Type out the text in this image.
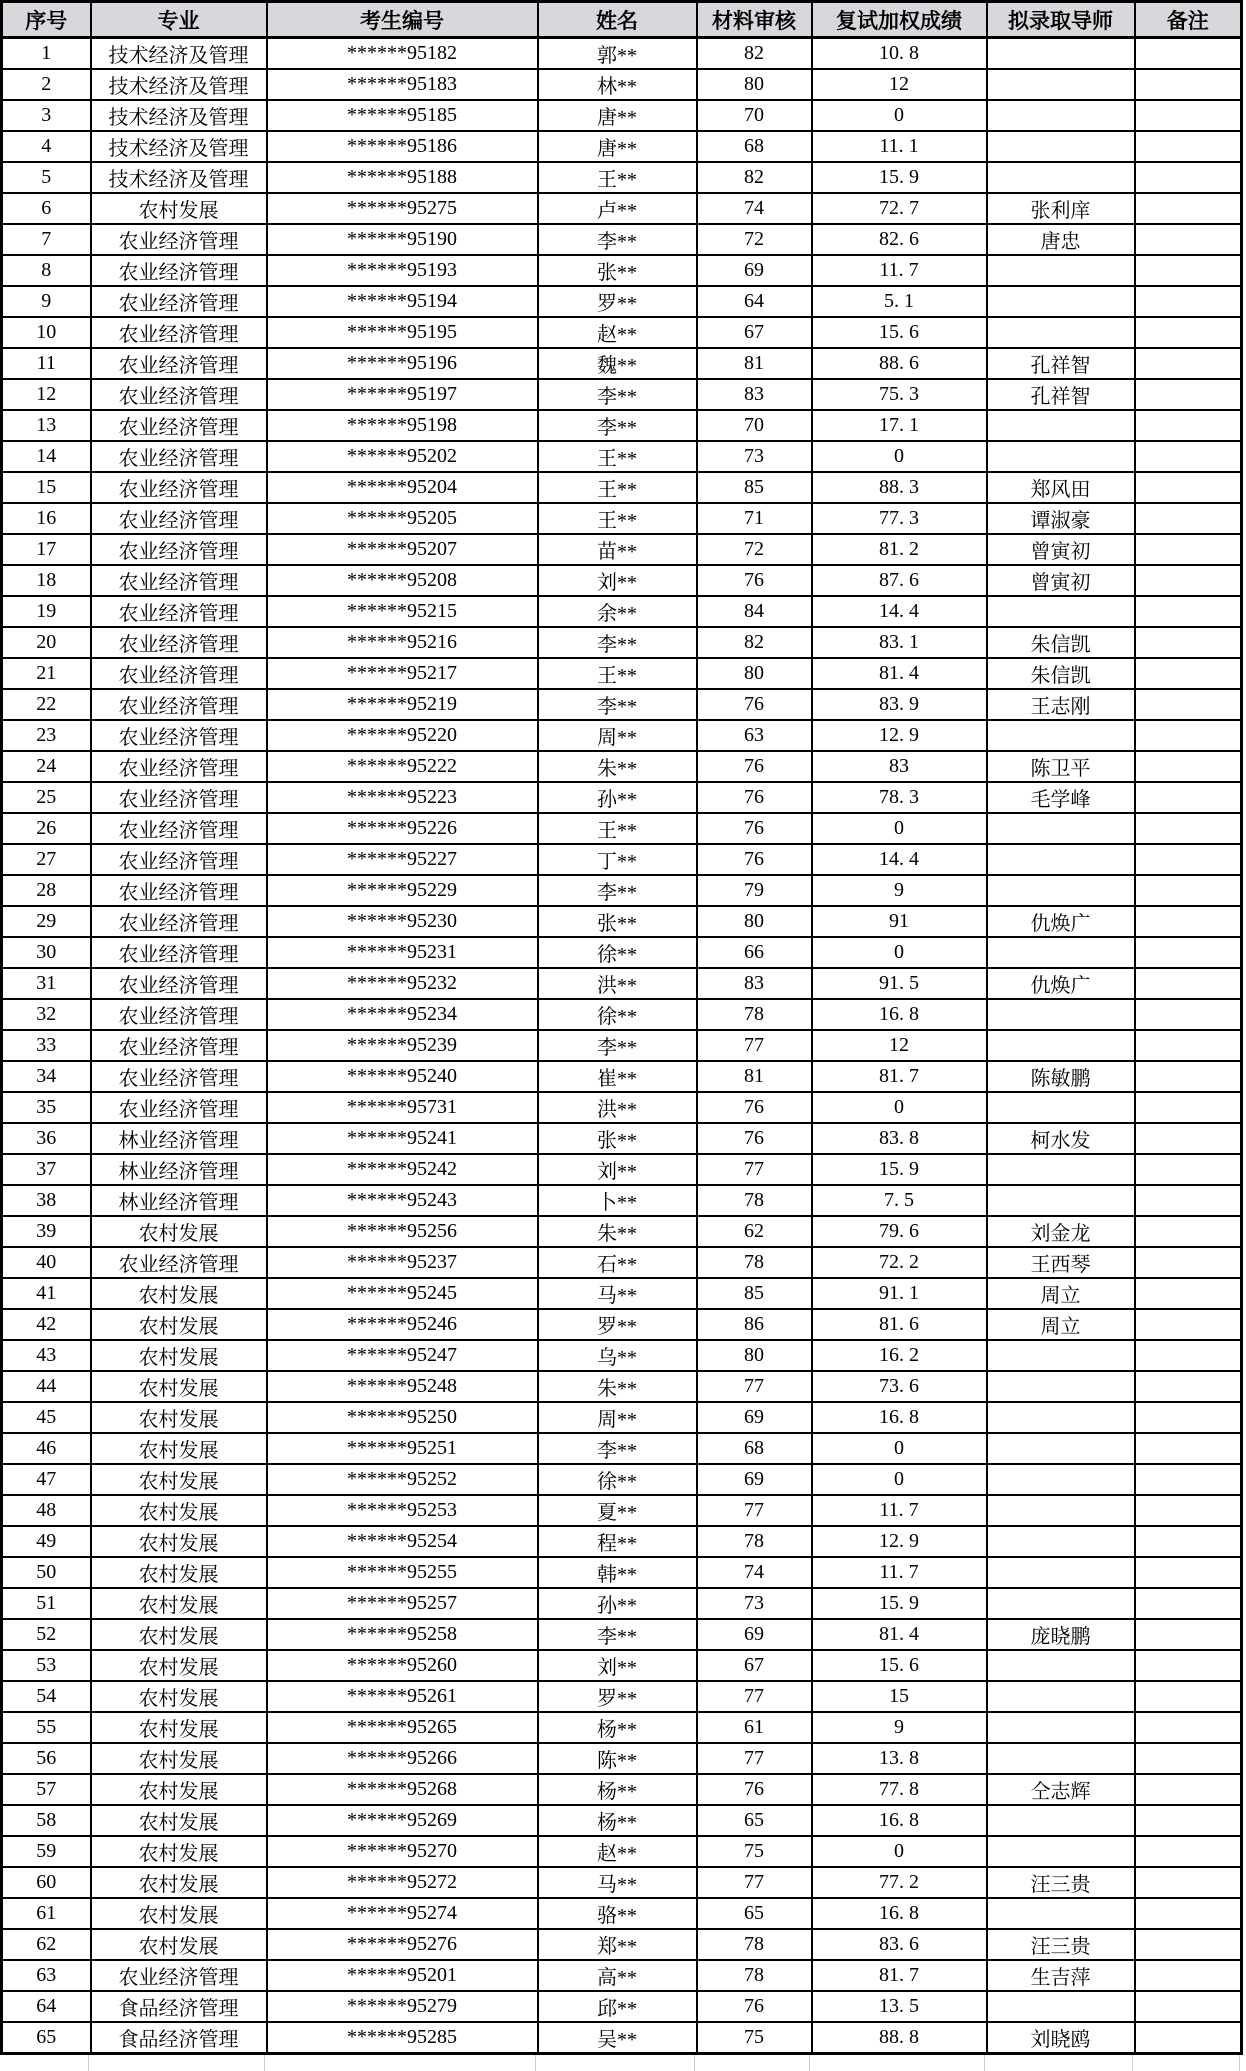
序号	专业	考生编号	姓名	材料审核	复试加权成绩	拟录取导师	备注
1	技术经济及管理	******95182	郭**	82	10. 8		
2	技术经济及管理	******95183	林**	80	12		
3	技术经济及管理	******95185	唐**	70	0		
4	技术经济及管理	******95186	唐**	68	11. 1		
5	技术经济及管理	******95188	王**	82	15. 9		
6	农村发展	******95275	卢**	74	72. 7	张利庠	
7	农业经济管理	******95190	李**	72	82. 6	唐忠	
8	农业经济管理	******95193	张**	69	11. 7		
9	农业经济管理	******95194	罗**	64	5. 1		
10	农业经济管理	******95195	赵**	67	15. 6		
11	农业经济管理	******95196	魏**	81	88. 6	孔祥智	
12	农业经济管理	******95197	李**	83	75. 3	孔祥智	
13	农业经济管理	******95198	李**	70	17. 1		
14	农业经济管理	******95202	王**	73	0		
15	农业经济管理	******95204	王**	85	88. 3	郑风田	
16	农业经济管理	******95205	王**	71	77. 3	谭淑豪	
17	农业经济管理	******95207	苗**	72	81. 2	曾寅初	
18	农业经济管理	******95208	刘**	76	87. 6	曾寅初	
19	农业经济管理	******95215	余**	84	14. 4		
20	农业经济管理	******95216	李**	82	83. 1	朱信凯	
21	农业经济管理	******95217	王**	80	81. 4	朱信凯	
22	农业经济管理	******95219	李**	76	83. 9	王志刚	
23	农业经济管理	******95220	周**	63	12. 9		
24	农业经济管理	******95222	朱**	76	83	陈卫平	
25	农业经济管理	******95223	孙**	76	78. 3	毛学峰	
26	农业经济管理	******95226	王**	76	0		
27	农业经济管理	******95227	丁**	76	14. 4		
28	农业经济管理	******95229	李**	79	9		
29	农业经济管理	******95230	张**	80	91	仇焕广	
30	农业经济管理	******95231	徐**	66	0		
31	农业经济管理	******95232	洪**	83	91. 5	仇焕广	
32	农业经济管理	******95234	徐**	78	16. 8		
33	农业经济管理	******95239	李**	77	12		
34	农业经济管理	******95240	崔**	81	81. 7	陈敏鹏	
35	农业经济管理	******95731	洪**	76	0		
36	林业经济管理	******95241	张**	76	83. 8	柯水发	
37	林业经济管理	******95242	刘**	77	15. 9		
38	林业经济管理	******95243	卜**	78	7. 5		
39	农村发展	******95256	朱**	62	79. 6	刘金龙	
40	农业经济管理	******95237	石**	78	72. 2	王西琴	
41	农村发展	******95245	马**	85	91. 1	周立	
42	农村发展	******95246	罗**	86	81. 6	周立	
43	农村发展	******95247	乌**	80	16. 2		
44	农村发展	******95248	朱**	77	73. 6		
45	农村发展	******95250	周**	69	16. 8		
46	农村发展	******95251	李**	68	0		
47	农村发展	******95252	徐**	69	0		
48	农村发展	******95253	夏**	77	11. 7		
49	农村发展	******95254	程**	78	12. 9		
50	农村发展	******95255	韩**	74	11. 7		
51	农村发展	******95257	孙**	73	15. 9		
52	农村发展	******95258	李**	69	81. 4	庞晓鹏	
53	农村发展	******95260	刘**	67	15. 6		
54	农村发展	******95261	罗**	77	15		
55	农村发展	******95265	杨**	61	9		
56	农村发展	******95266	陈**	77	13. 8		
57	农村发展	******95268	杨**	76	77. 8	仝志辉	
58	农村发展	******95269	杨**	65	16. 8		
59	农村发展	******95270	赵**	75	0		
60	农村发展	******95272	马**	77	77. 2	汪三贵	
61	农村发展	******95274	骆**	65	16. 8		
62	农村发展	******95276	郑**	78	83. 6	汪三贵	
63	农业经济管理	******95201	高**	78	81. 7	生吉萍	
64	食品经济管理	******95279	邱**	76	13. 5		
65	食品经济管理	******95285	吴**	75	88. 8	刘晓鸥	
